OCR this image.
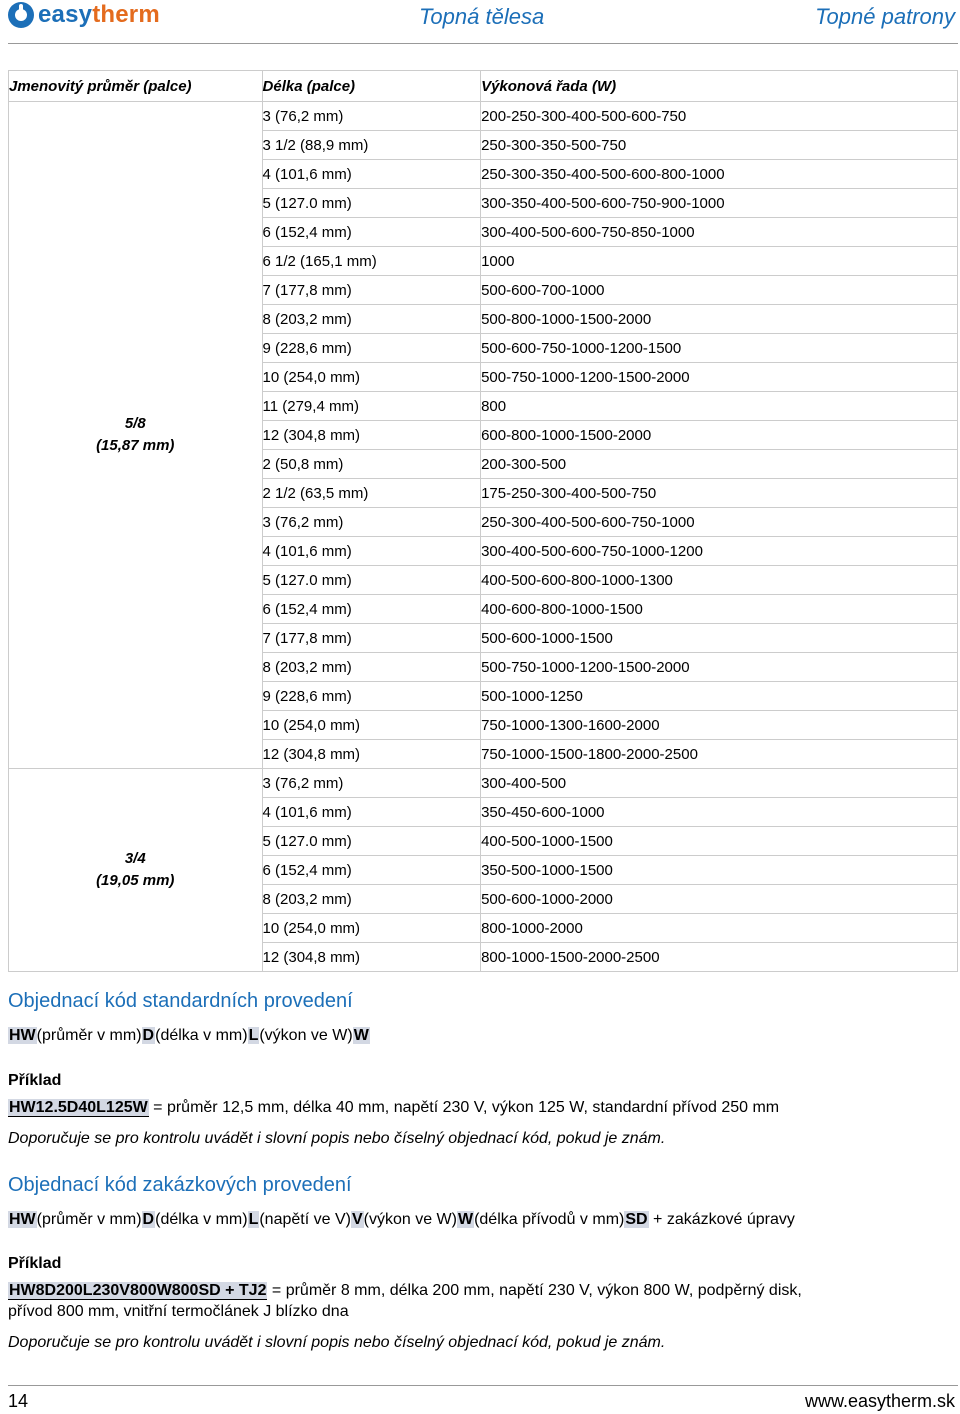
easytherm	Topná tělesa	Topné patrony
Jmenovitý průměr (palce)	Délka (palce)	Výkonová řada (W)

5/8
(15,87 mm)	3 (76,2 mm)	200-250-300-400-500-600-750
	3 1/2 (88,9 mm)	250-300-350-500-750
	4 (101,6 mm)	250-300-350-400-500-600-800-1000
	5 (127.0 mm)	300-350-400-500-600-750-900-1000
	6 (152,4 mm)	300-400-500-600-750-850-1000
	6 1/2 (165,1 mm)	1000
	7 (177,8 mm)	500-600-700-1000
	8 (203,2 mm)	500-800-1000-1500-2000
	9 (228,6 mm)	500-600-750-1000-1200-1500
	10 (254,0 mm)	500-750-1000-1200-1500-2000
	11 (279,4 mm)	800
	12 (304,8 mm)	600-800-1000-1500-2000
	2 (50,8 mm)	200-300-500
	2 1/2 (63,5 mm)	175-250-300-400-500-750
	3 (76,2 mm)	250-300-400-500-600-750-1000
	4 (101,6 mm)	300-400-500-600-750-1000-1200
	5 (127.0 mm)	400-500-600-800-1000-1300
	6 (152,4 mm)	400-600-800-1000-1500
	7 (177,8 mm)	500-600-1000-1500
	8 (203,2 mm)	500-750-1000-1200-1500-2000
	9 (228,6 mm)	500-1000-1250
	10 (254,0 mm)	750-1000-1300-1600-2000
	12 (304,8 mm)	750-1000-1500-1800-2000-2500

3/4
(19,05 mm)	3 (76,2 mm)	300-400-500
	4 (101,6 mm)	350-450-600-1000
	5 (127.0 mm)	400-500-1000-1500
	6 (152,4 mm)	350-500-1000-1500
	8 (203,2 mm)	500-600-1000-2000
	10 (254,0 mm)	800-1000-2000
	12 (304,8 mm)	800-1000-1500-2000-2500
Objednací kód standardních provedení
HW(průměr v mm)D(délka v mm)L(výkon ve W)W
Příklad
HW12.5D40L125W = průměr 12,5 mm, délka 40 mm, napětí 230 V, výkon 125 W, standardní přívod 250 mm
Doporučuje se pro kontrolu uvádět i slovní popis nebo číselný objednací kód, pokud je znám.
Objednací kód zakázkových provedení
HW(průměr v mm)D(délka v mm)L(napětí ve V)V(výkon ve W)W(délka přívodů v mm)SD + zakázkové úpravy
Příklad
HW8D200L230V800W800SD + TJ2 = průměr 8 mm, délka 200 mm, napětí 230 V, výkon 800 W, podpěrný disk,
přívod 800 mm, vnitřní termočlánek J blízko dna
Doporučuje se pro kontrolu uvádět i slovní popis nebo číselný objednací kód, pokud je znám.
14	www.easytherm.sk
